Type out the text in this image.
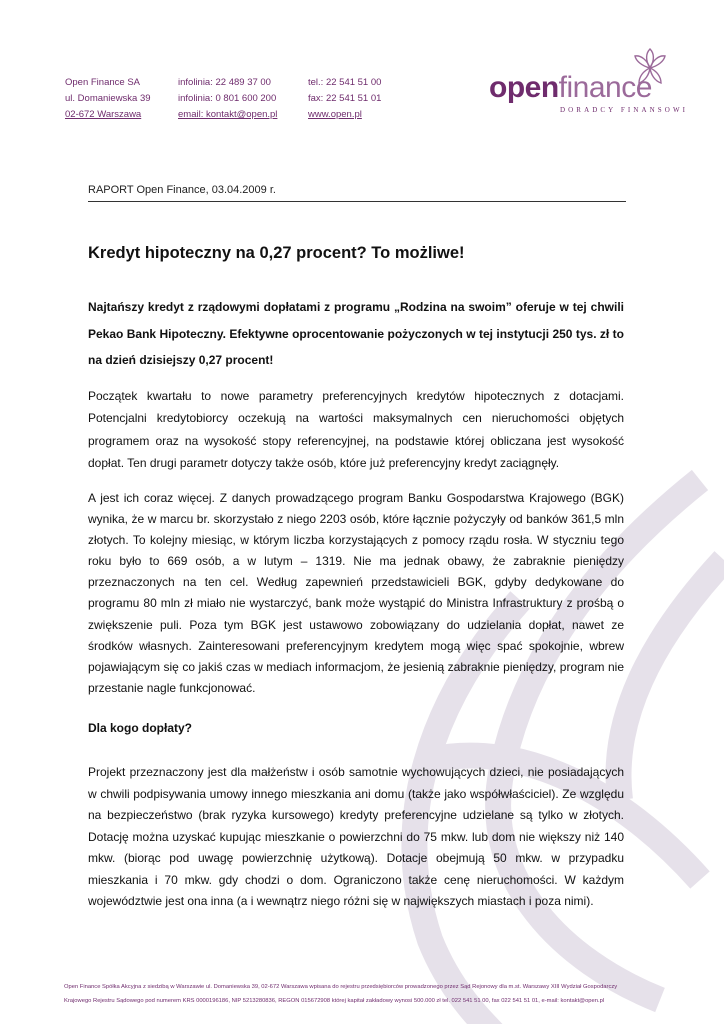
Open Finance SA
ul. Domaniewska 39
02-672 Warszawa
infolinia: 22 489 37 00
infolinia: 0 801 600 200
email: kontakt@open.pl
tel.: 22 541 51 00
fax: 22 541 51 01
www.open.pl
openfinance
DORADCY FINANSOWI
RAPORT Open Finance, 03.04.2009 r.
Kredyt hipoteczny na 0,27 procent? To możliwe!

Najtańszy kredyt z rządowymi dopłatami z programu „Rodzina na swoim” oferuje w tej chwili Pekao Bank Hipoteczny. Efektywne oprocentowanie pożyczonych w tej instytucji 250 tys. zł to na dzień dzisiejszy 0,27 procent!

Początek kwartału to nowe parametry preferencyjnych kredytów hipotecznych z dotacjami. Potencjalni kredytobiorcy oczekują na wartości maksymalnych cen nieruchomości objętych programem oraz na wysokość stopy referencyjnej, na podstawie której obliczana jest wysokość dopłat. Ten drugi parametr dotyczy także osób, które już preferencyjny kredyt zaciągnęły.

A jest ich coraz więcej. Z danych prowadzącego program Banku Gospodarstwa Krajowego (BGK) wynika, że w marcu br. skorzystało z niego 2203 osób, które łącznie pożyczyły od banków 361,5 mln złotych. To kolejny miesiąc, w którym liczba korzystających z pomocy rządu rosła. W styczniu tego roku było to 669 osób, a w lutym – 1319. Nie ma jednak obawy, że zabraknie pieniędzy przeznaczonych na ten cel. Według zapewnień przedstawicieli BGK, gdyby dedykowane do programu 80 mln zł miało nie wystarczyć, bank może wystąpić do Ministra Infrastruktury z prośbą o zwiększenie puli. Poza tym BGK jest ustawowo zobowiązany do udzielania dopłat, nawet ze środków własnych. Zainteresowani preferencyjnym kredytem mogą więc spać spokojnie, wbrew pojawiającym się co jakiś czas w mediach informacjom, że jesienią zabraknie pieniędzy, program nie przestanie nagle funkcjonować.

Dla kogo dopłaty?

Projekt przeznaczony jest dla małżeństw i osób samotnie wychowujących dzieci, nie posiadających w chwili podpisywania umowy innego mieszkania ani domu (także jako współwłaściciel). Ze względu na bezpieczeństwo (brak ryzyka kursowego) kredyty preferencyjne udzielane są tylko w złotych. Dotację można uzyskać kupując mieszkanie o powierzchni do 75 mkw. lub dom nie większy niż 140 mkw. (biorąc pod uwagę powierzchnię użytkową). Dotacje obejmują 50 mkw. w przypadku mieszkania i 70 mkw. gdy chodzi o dom. Ograniczono także cenę nieruchomości. W każdym województwie jest ona inna (a i wewnątrz niego różni się w największych miastach i poza nimi).

Open Finance Spółka Akcyjna z siedzibą w Warszawie ul. Domaniewska 39, 02-672 Warszawa wpisana do rejestru przedsiębiorców prowadzonego przez Sąd Rejonowy dla m.st. Warszawy XIII Wydział Gospodarczy
Krajowego Rejestru Sądowego pod numerem KRS 0000196186, NIP 5213280836, REGON 015672908 której kapitał zakładowy wynosi 500.000 zł tel. 022 541 51 00, fax 022 541 51 01, e-mail: kontakt@open.pl
